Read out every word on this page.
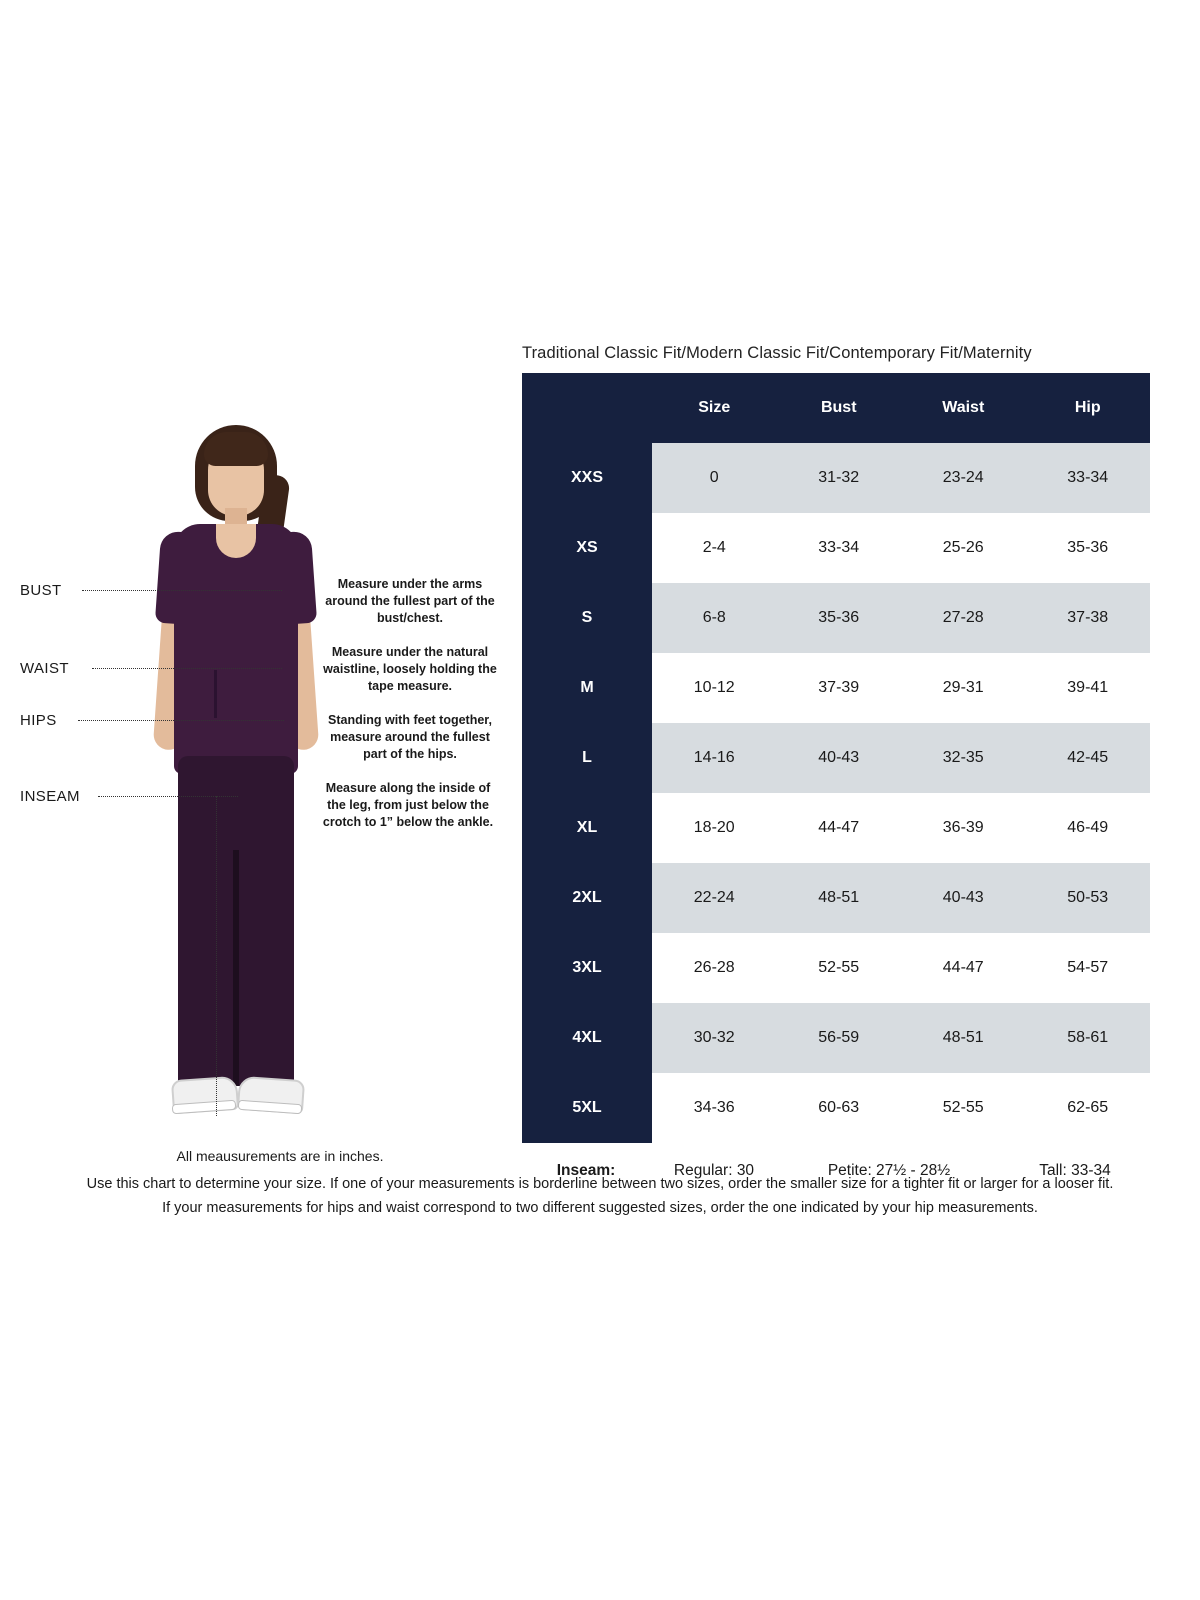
BUST
WAIST
HIPS
INSEAM
Measure under the arms around the fullest part of the bust/chest.
Measure under the natural waistline, loosely holding the tape measure.
Standing with feet together, measure around the fullest part of the hips.
Measure along the inside of the leg, from just below the crotch to 1” below the ankle.
Traditional Classic Fit/Modern Classic Fit/Contemporary Fit/Maternity
	Size	Bust	Waist	Hip
XXS	0	31-32	23-24	33-34
XS	2-4	33-34	25-26	35-36
S	6-8	35-36	27-28	37-38
M	10-12	37-39	29-31	39-41
L	14-16	40-43	32-35	42-45
XL	18-20	44-47	36-39	46-49
2XL	22-24	48-51	40-43	50-53
3XL	26-28	52-55	44-47	54-57
4XL	30-32	56-59	48-51	58-61
5XL	34-36	60-63	52-55	62-65
Inseam:	Regular: 30	Petite: 27½ - 28½	Tall: 33-34
All meausurements are in inches.
Use this chart to determine your size. If one of your measurements is borderline between two sizes, order the smaller size for a tighter fit or larger for a looser fit.
If your measurements for hips and waist correspond to two different suggested sizes, order the one indicated by your hip measurements.
